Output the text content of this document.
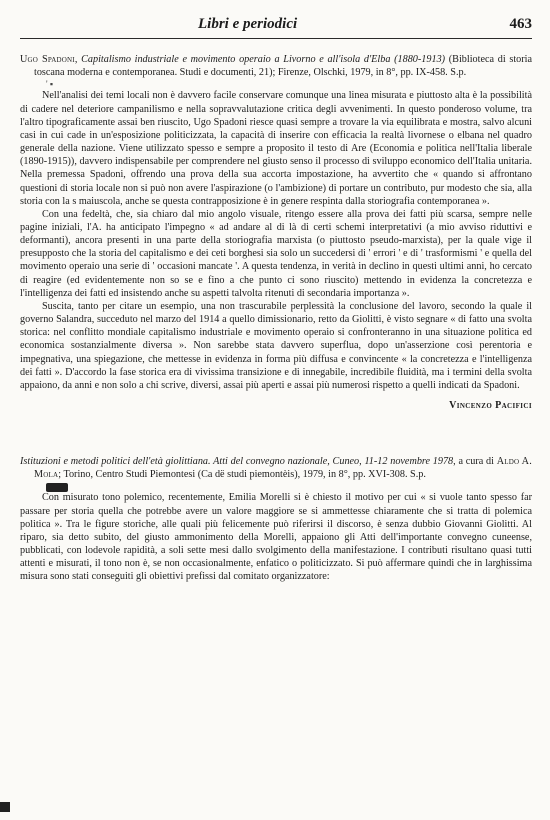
Libri e periodici	463

Ugo Spadoni, Capitalismo industriale e movimento operaio a Livorno e all'isola d'Elba (1880-1913) (Biblioteca di storia toscana moderna e contemporanea. Studi e documenti, 21); Firenze, Olschki, 1979, in 8°, pp. IX-458. S.p.

' ▪

Nell'analisi dei temi locali non è davvero facile conservare comunque una linea misurata e piuttosto alta è la possibilità di cadere nel deteriore campanilismo e nella sopravvalutazione critica degli avvenimenti. In questo ponderoso volume, tra l'altro tipograficamente assai ben riuscito, Ugo Spadoni riesce quasi sempre a trovare la via equilibrata e mostra, salvo alcuni casi in cui cade in un'esposizione politicizzata, la capacità di inserire con efficacia la realtà livornese o elbana nel quadro generale della nazione. Viene utilizzato spesso e sempre a proposito il testo di Are (Economia e politica nell'Italia liberale (1890-1915)), davvero indispensabile per comprendere nel giusto senso il processo di sviluppo economico dell'Italia unitaria. Nella premessa Spadoni, offrendo una prova della sua accorta impostazione, ha avvertito che « quando si affrontano questioni di storia locale non si può non avere l'aspirazione (o l'ambizione) di portare un contributo, pur modesto che sia, alla storia con la s maiuscola, anche se questa contrapposizione è in genere respinta dalla storiografia contemporanea ».

Con una fedeltà, che, sia chiaro dal mio angolo visuale, ritengo essere alla prova dei fatti più scarsa, sempre nelle pagine iniziali, l'A. ha anticipato l'impegno « ad andare al di là di certi schemi interpretativi (a mio avviso riduttivi e deformanti), ancora presenti in una parte della storiografia marxista (o piuttosto pseudo-marxista), per la quale vige il presupposto che la storia del capitalismo e dei ceti borghesi sia solo un succedersi di ' errori ' e di ' trasformismi ' e quella del movimento operaio una serie di ' occasioni mancate '. A questa tendenza, in verità in declino in questi ultimi anni, ho cercato di reagire (ed evidentemente non so se e fino a che punto ci sono riuscito) mettendo in evidenza la concretezza e l'intelligenza dei fatti ed insistendo anche su aspetti talvolta ritenuti di secondaria importanza ».

Suscita, tanto per citare un esempio, una non trascurabile perplessità la conclusione del lavoro, secondo la quale il governo Salandra, succeduto nel marzo del 1914 a quello dimissionario, retto da Giolitti, è visto segnare « di fatto una svolta storica: nel conflitto mondiale capitalismo industriale e movimento operaio si confronteranno in una situazione politica ed economica sostanzialmente diversa ». Non sarebbe stata davvero superflua, dopo un'asserzione così perentoria e impegnativa, una spiegazione, che mettesse in evidenza in forma più diffusa e convincente « la concretezza e l'intelligenza dei fatti ». D'accordo la fase storica era di vivissima transizione e di innegabile, incredibile fluidità, ma i termini della svolta appaiono, da anni e non solo a chi scrive, diversi, assai più aperti e assai più numerosi rispetto a quelli indicati da Spadoni.

Vincenzo Pacifici

Istituzioni e metodi politici dell'età giolittiana. Atti del convegno nazionale, Cuneo, 11-12 novembre 1978, a cura di Aldo A. Mola; Torino, Centro Studi Piemontesi (Ca dë studi piemontèis), 1979, in 8°, pp. XVI-308. S.p.

Con misurato tono polemico, recentemente, Emilia Morelli si è chiesto il motivo per cui « si vuole tanto spesso far passare per storia quella che potrebbe avere un valore maggiore se si ammettesse chiaramente che si tratta di polemica politica ». Tra le figure storiche, alle quali più felicemente può riferirsi il discorso, è senza dubbio Giovanni Giolitti. Al riparo, sia detto subito, del giusto ammonimento della Morelli, appaiono gli Atti dell'importante convegno cuneense, pubblicati, con lodevole rapidità, a soli sette mesi dallo svolgimento della manifestazione. I contributi risultano quasi tutti attenti e misurati, il tono non è, se non occasionalmente, enfatico o politicizzato. Si può affermare quindi che in larghissima misura sono stati conseguiti gli obiettivi prefissi dal comitato organizzatore:
